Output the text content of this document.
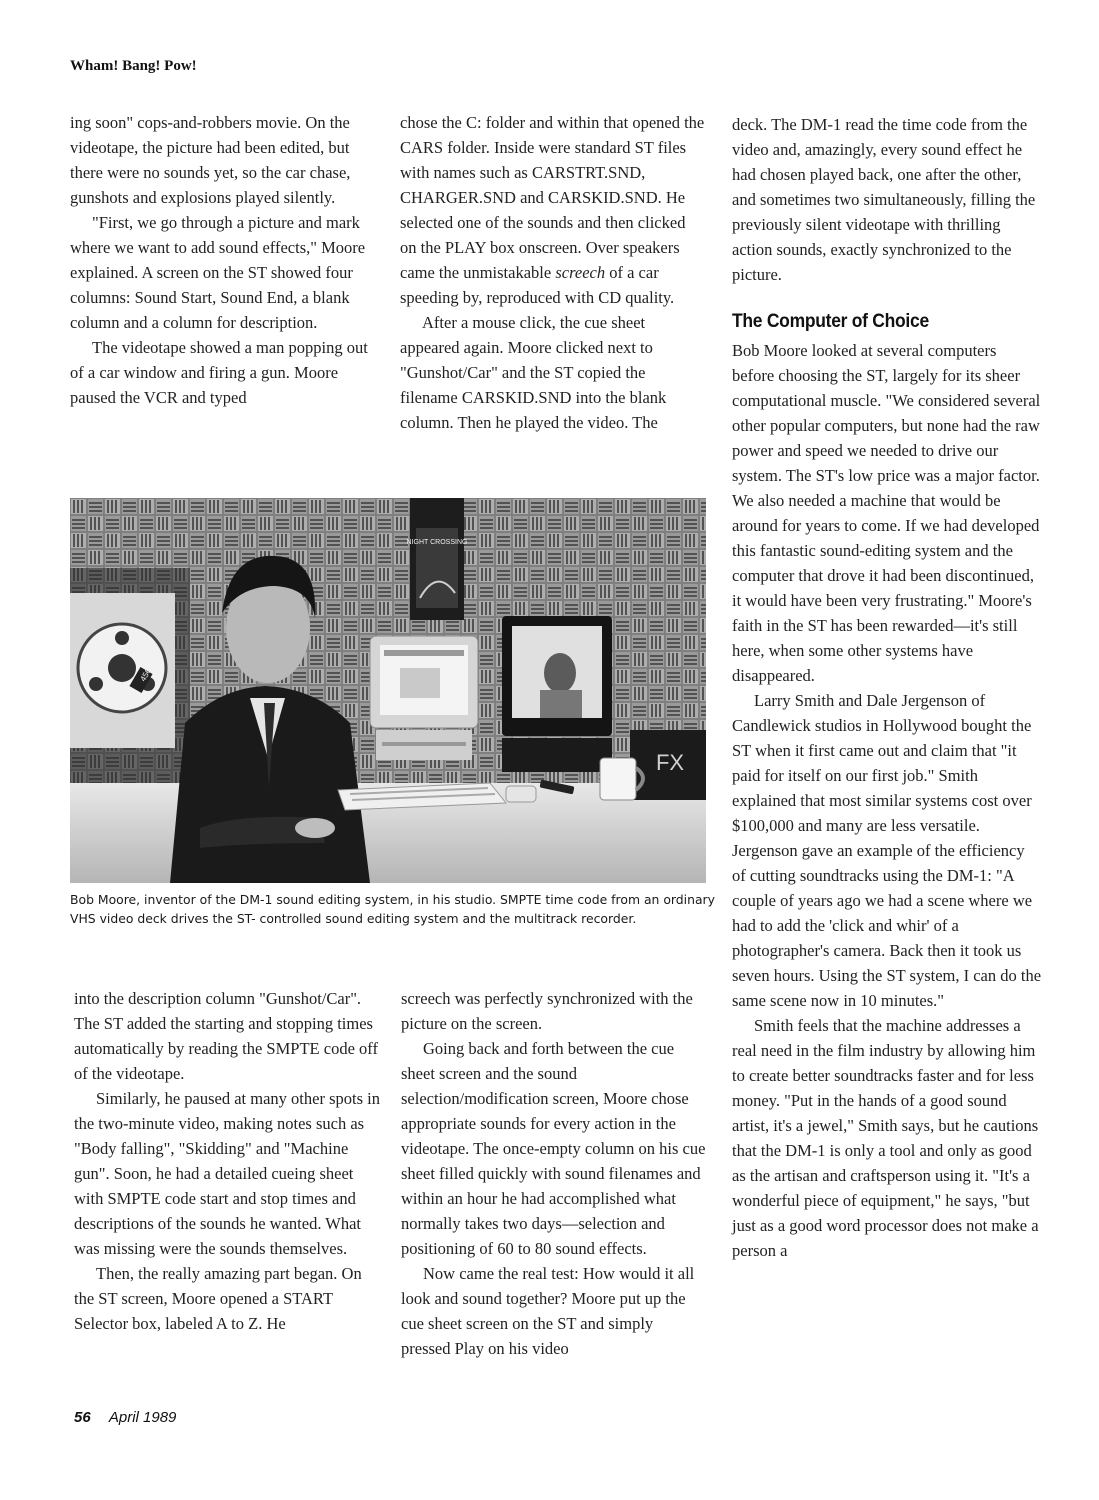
Wham! Bang! Pow!

ing soon" cops-and-robbers movie. On the videotape, the picture had been edited, but there were no sounds yet, so the car chase, gunshots and explosions played silently.

"First, we go through a picture and mark where we want to add sound effects," Moore explained. A screen on the ST showed four columns: Sound Start, Sound End, a blank column and a column for description.

The videotape showed a man popping out of a car window and firing a gun. Moore paused the VCR and typed

chose the C: folder and within that opened the CARS folder. Inside were standard ST files with names such as CARSTRT.SND, CHARGER.SND and CARSKID.SND. He selected one of the sounds and then clicked on the PLAY box onscreen. Over speakers came the unmistakable screech of a car speeding by, reproduced with CD quality.

After a mouse click, the cue sheet appeared again. Moore clicked next to "Gunshot/Car" and the ST copied the filename CARSKID.SND into the blank column. Then he played the video. The

deck. The DM-1 read the time code from the video and, amazingly, every sound effect he had chosen played back, one after the other, and sometimes two simultaneously, filling the previously silent videotape with thrilling action sounds, exactly synchronized to the picture.

The Computer of Choice

Bob Moore looked at several computers before choosing the ST, largely for its sheer computational muscle. "We considered several other popular computers, but none had the raw power and speed we needed to drive our system. The ST's low price was a major factor. We also needed a machine that would be around for years to come. If we had developed this fantastic sound-editing system and the computer that drove it had been discontinued, it would have been very frustrating." Moore's faith in the ST has been rewarded—it's still here, when some other systems have disappeared.

Larry Smith and Dale Jergenson of Candlewick studios in Hollywood bought the ST when it first came out and claim that "it paid for itself on our first job." Smith explained that most similar systems cost over $100,000 and many are less versatile. Jergenson gave an example of the efficiency of cutting soundtracks using the DM-1: "A couple of years ago we had a scene where we had to add the 'click and whir' of a photographer's camera. Back then it took us seven hours. Using the ST system, I can do the same scene now in 10 minutes."

Smith feels that the machine addresses a real need in the film industry by allowing him to create better soundtracks faster and for less money. "Put in the hands of a good sound artist, it's a jewel," Smith says, but he cautions that the DM-1 is only a tool and only as good as the artisan and craftsperson using it. "It's a wonderful piece of equipment," he says, "but just as a good word processor does not make a person a

NIGHT CROSSING
456
FX
Bob Moore, inventor of the DM-1 sound editing system, in his studio. SMPTE time code from an ordinary VHS video deck drives the ST- controlled sound editing system and the multitrack recorder.

into the description column "Gunshot/Car". The ST added the starting and stopping times automatically by reading the SMPTE code off of the videotape.

Similarly, he paused at many other spots in the two-minute video, making notes such as "Body falling", "Skidding" and "Machine gun". Soon, he had a detailed cueing sheet with SMPTE code start and stop times and descriptions of the sounds he wanted. What was missing were the sounds themselves.

Then, the really amazing part began. On the ST screen, Moore opened a START Selector box, labeled A to Z. He

screech was perfectly synchronized with the picture on the screen.

Going back and forth between the cue sheet screen and the sound selection/modification screen, Moore chose appropriate sounds for every action in the videotape. The once-empty column on his cue sheet filled quickly with sound filenames and within an hour he had accomplished what normally takes two days—selection and positioning of 60 to 80 sound effects.

Now came the real test: How would it all look and sound together? Moore put up the cue sheet screen on the ST and simply pressed Play on his video

56 April 1989
